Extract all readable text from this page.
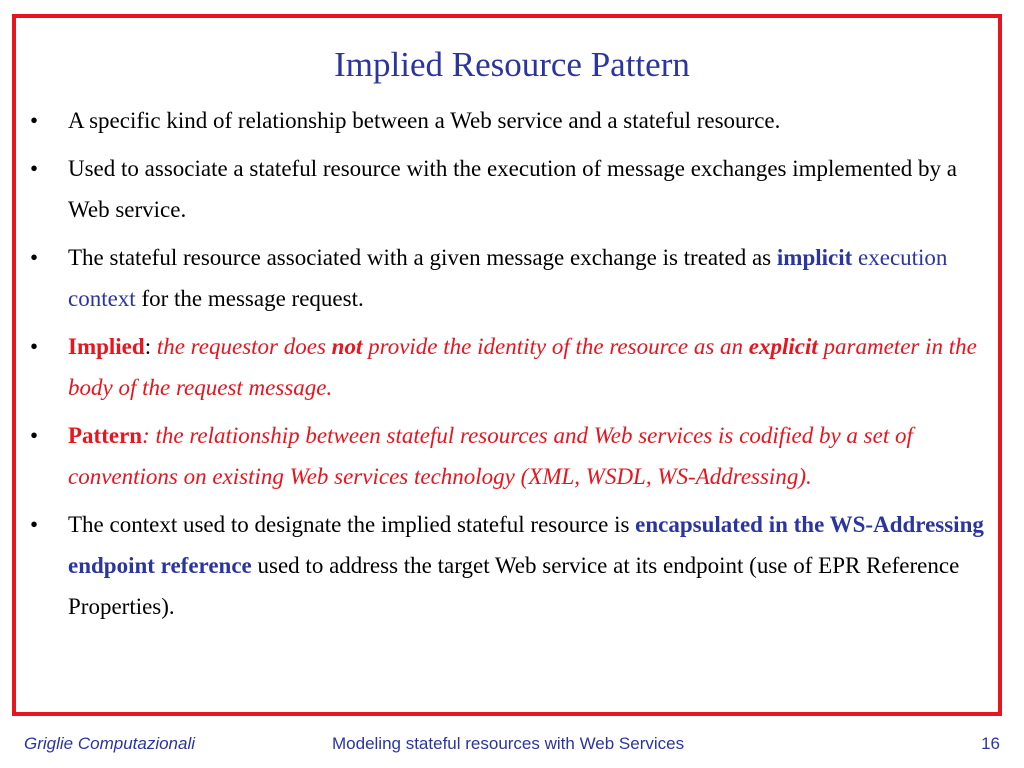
Implied Resource Pattern
• A specific kind of relationship between a Web service and a stateful resource.
• Used to associate a stateful resource with the execution of message exchanges implemented by a Web service.
• The stateful resource associated with a given message exchange is treated as implicit execution context for the message request.
• Implied: the requestor does not provide the identity of the resource as an explicit parameter in the body of the request message.
• Pattern: the relationship between stateful resources and Web services is codified by a set of conventions on existing Web services technology (XML, WSDL, WS-Addressing).
• The context used to designate the implied stateful resource is encapsulated in the WS-Addressing endpoint reference used to address the target Web service at its endpoint (use of EPR Reference Properties).
Griglie Computazionali	Modeling stateful resources with Web Services	16
